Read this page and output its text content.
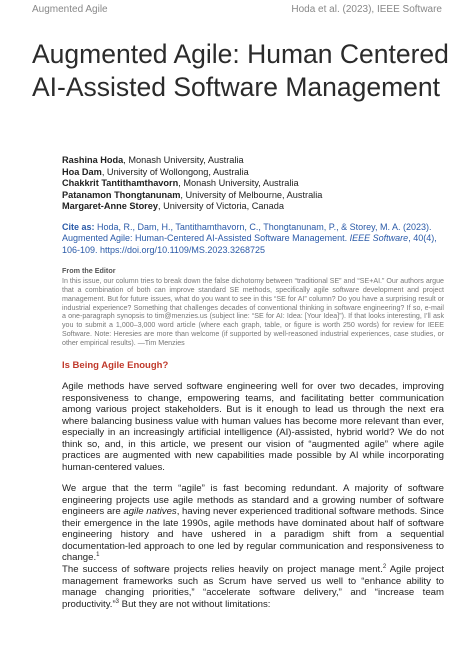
Augmented Agile	Hoda et al. (2023), IEEE Software
Augmented Agile: Human Centered AI-Assisted Software Management
Rashina Hoda, Monash University, Australia
Hoa Dam, University of Wollongong, Australia
Chakkrit Tantithamthavorn, Monash University, Australia
Patanamon Thongtanunam, University of Melbourne, Australia
Margaret-Anne Storey, University of Victoria, Canada
Cite as: Hoda, R., Dam, H., Tantithamthavorn, C., Thongtanunam, P., & Storey, M. A. (2023). Augmented Agile: Human-Centered AI-Assisted Software Management. IEEE Software, 40(4), 106-109. https://doi.org/10.1109/MS.2023.3268725
From the Editor

In this issue, our column tries to break down the false dichotomy between “traditional SE” and “SE+AI.” Our authors argue that a combination of both can improve standard SE methods, specifically agile software development and project management. But for future issues, what do you want to see in this “SE for AI” column? Do you have a surprising result or industrial experience? Something that challenges decades of conventional thinking in software engineering? If so, e-mail a one-paragraph synopsis to tim@menzies.us (subject line: “SE for AI: Idea: [Your Idea]”). If that looks interesting, I’ll ask you to submit a 1,000–3,000 word article (where each graph, table, or figure is worth 250 words) for review for IEEE Software. Note: Heresies are more than welcome (if supported by well-reasoned industrial experiences, case studies, or other empirical results). —Tim Menzies

Is Being Agile Enough?

Agile methods have served software engineering well for over two decades, improving responsiveness to change, empowering teams, and facilitating better communication among various project stakeholders. But is it enough to lead us through the next era where balancing business value with human values has become more relevant than ever, especially in an increasingly artificial intelligence (AI)-assisted, hybrid world? We do not think so, and, in this article, we present our vision of “augmented agile” where agile practices are augmented with new capabilities made possible by AI while incorporating human-centered values.

We argue that the term “agile” is fast becoming redundant. A majority of software engineering projects use agile methods as standard and a growing number of software engineers are agile natives, having never experienced traditional software methods. Since their emergence in the late 1990s, agile methods have dominated about half of software engineering history and have ushered in a paradigm shift from a sequential documentation-led approach to one led by regular communication and responsiveness to change.$^1$

The success of software projects relies heavily on project manage ment.$^2$ Agile project management frameworks such as Scrum have served us well to “enhance ability to manage changing priorities,” “accelerate software delivery,” and “increase team productivity.”$^3$ But they are not without limitations:
